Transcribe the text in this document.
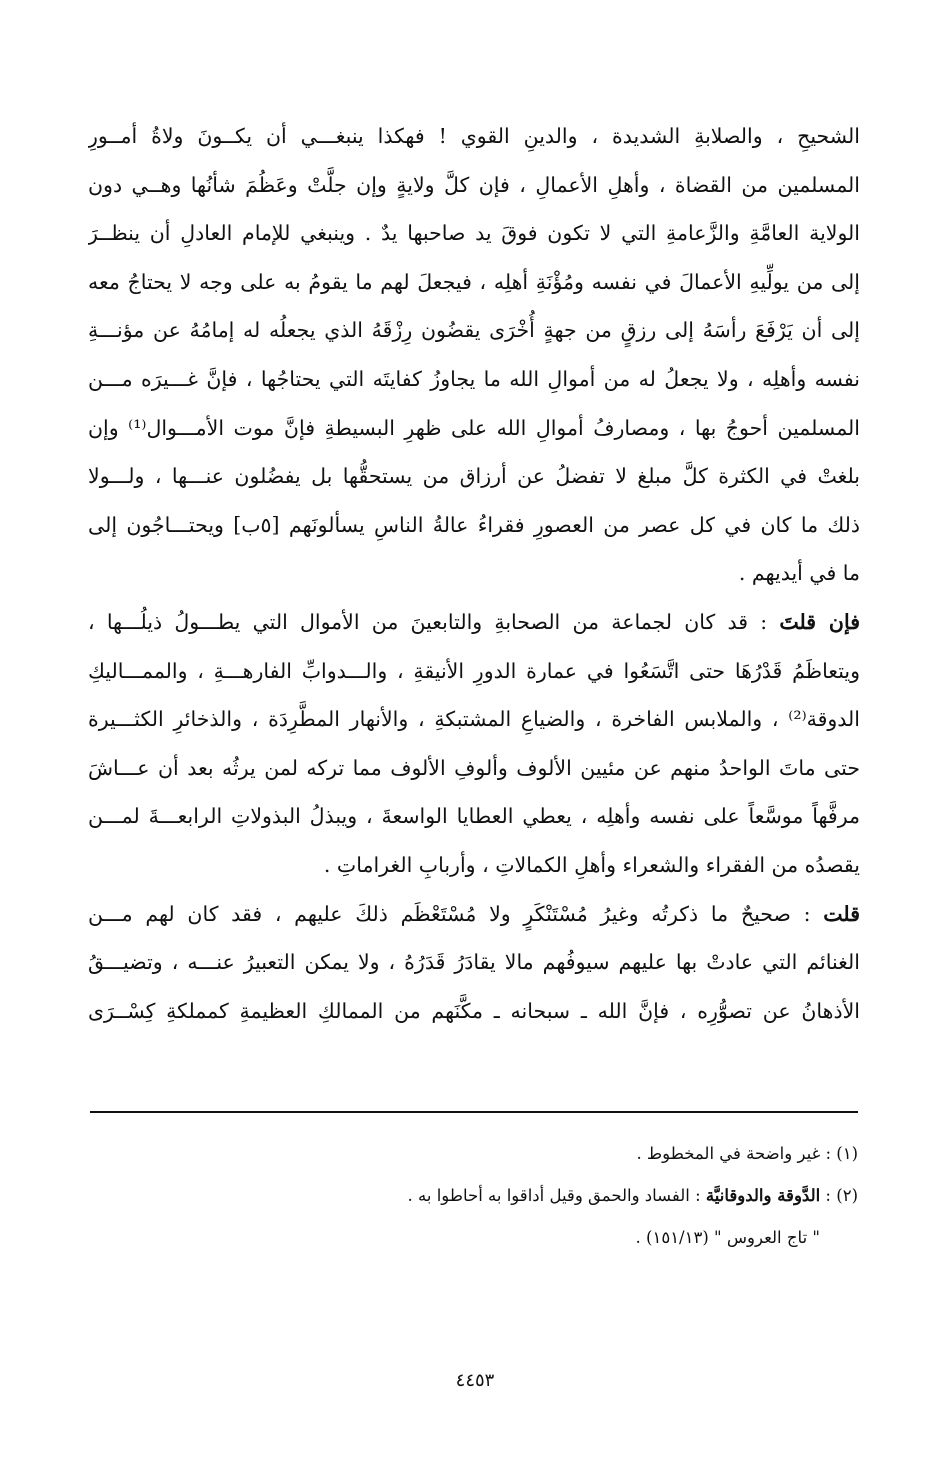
الشحيحِ ، والصلابةِ الشديدة ، والدينِ القوي ! فهكذا ينبغـــي أن يكــونَ ولاةُ أمــورِ
المسلمين من القضاة ، وأهلِ الأعمالِ ، فإن كلَّ ولايةٍ وإن جلَّتْ وعَظُمَ شأنُها وهــي دون
الولاية العامَّةِ والزَّعامةِ التي لا تكون فوقَ يد صاحبها يدٌ . وينبغي للإمام العادلِ أن ينظــرَ
إلى من يولِّيهِ الأعمالَ في نفسه ومُؤْنَةِ أهلِه ، فيجعلَ لهم ما يقومُ به على وجه لا يحتاجُ معه
إلى أن يَرْفَعَ رأسَهُ إلى رزقٍ من جهةٍ أُخْرَى يقضُون رِزْقَهُ الذي يجعلُه له إمامُهُ عن مؤنـــةِ
نفسه وأهلِه ، ولا يجعلُ له من أموالِ الله ما يجاوزُ كفايتَه التي يحتاجُها ، فإنَّ غـــيرَه مـــن
المسلمين أحوجُ بها ، ومصارفُ أموالِ الله على ظهرِ البسيطةِ فإنَّ موت الأمـــوال⁽¹⁾ وإن
بلغتْ في الكثرة كلَّ مبلغ لا تفضلُ عن أرزاق من يستحقُّها بل يفضُلون عنـــها ، ولـــولا
ذلك ما كان في كل عصر من العصورِ فقراءُ عالةُ الناسِ يسألونَهم [٥ب] ويحتـــاجُون إلى
ما في أيديهم .
فإن قلتَ : قد كان لجماعة من الصحابةِ والتابعينَ من الأموال التي يطـــولُ ذيلُـــها ،
ويتعاظَمُ قَدْرُهَا حتى اتَّسَعُوا في عمارة الدورِ الأنيقةِ ، والـــدوابِّ الفارهـــةِ ، والممـــاليكِ
الدوقة⁽²⁾ ، والملابس الفاخرة ، والضياعِ المشتبكةِ ، والأنهار المطَّرِدَة ، والذخائرِ الكثـــيرة
حتى ماتَ الواحدُ منهم عن مئيين الألوف وألوفِ الألوف مما تركه لمن يرثُه بعد أن عـــاشَ
مرفَّهاً موسَّعاً على نفسه وأهلِه ، يعطي العطايا الواسعةَ ، ويبذلُ البذولاتِ الرابعـــةَ لمـــن
يقصدُه من الفقراء والشعراء وأهلِ الكمالاتِ ، وأربابِ الغراماتِ .
قلت : صحيحٌ ما ذكرتُه وغيرُ مُسْتَنْكَرٍ ولا مُسْتَعْظَم ذلكَ عليهم ، فقد كان لهم مـــن
الغنائم التي عادتْ بها عليهم سيوفُهم مالا يقادَرُ قَدَرُهُ ، ولا يمكن التعبيرُ عنـــه ، وتضيـــقُ
الأذهانُ عن تصوُّرِه ، فإنَّ الله ـ سبحانه ـ مكَّنَهم من الممالكِ العظيمةِ كمملكةِ كِسْــرَى
(١) : غير واضحة في المخطوط .
(٢) : الدَّوقة والدوقانيَّة : الفساد والحمق وقيل أداقوا به أحاطوا به .
" تاج العروس " (١٥١/١٣) .
٤٤٥٣
